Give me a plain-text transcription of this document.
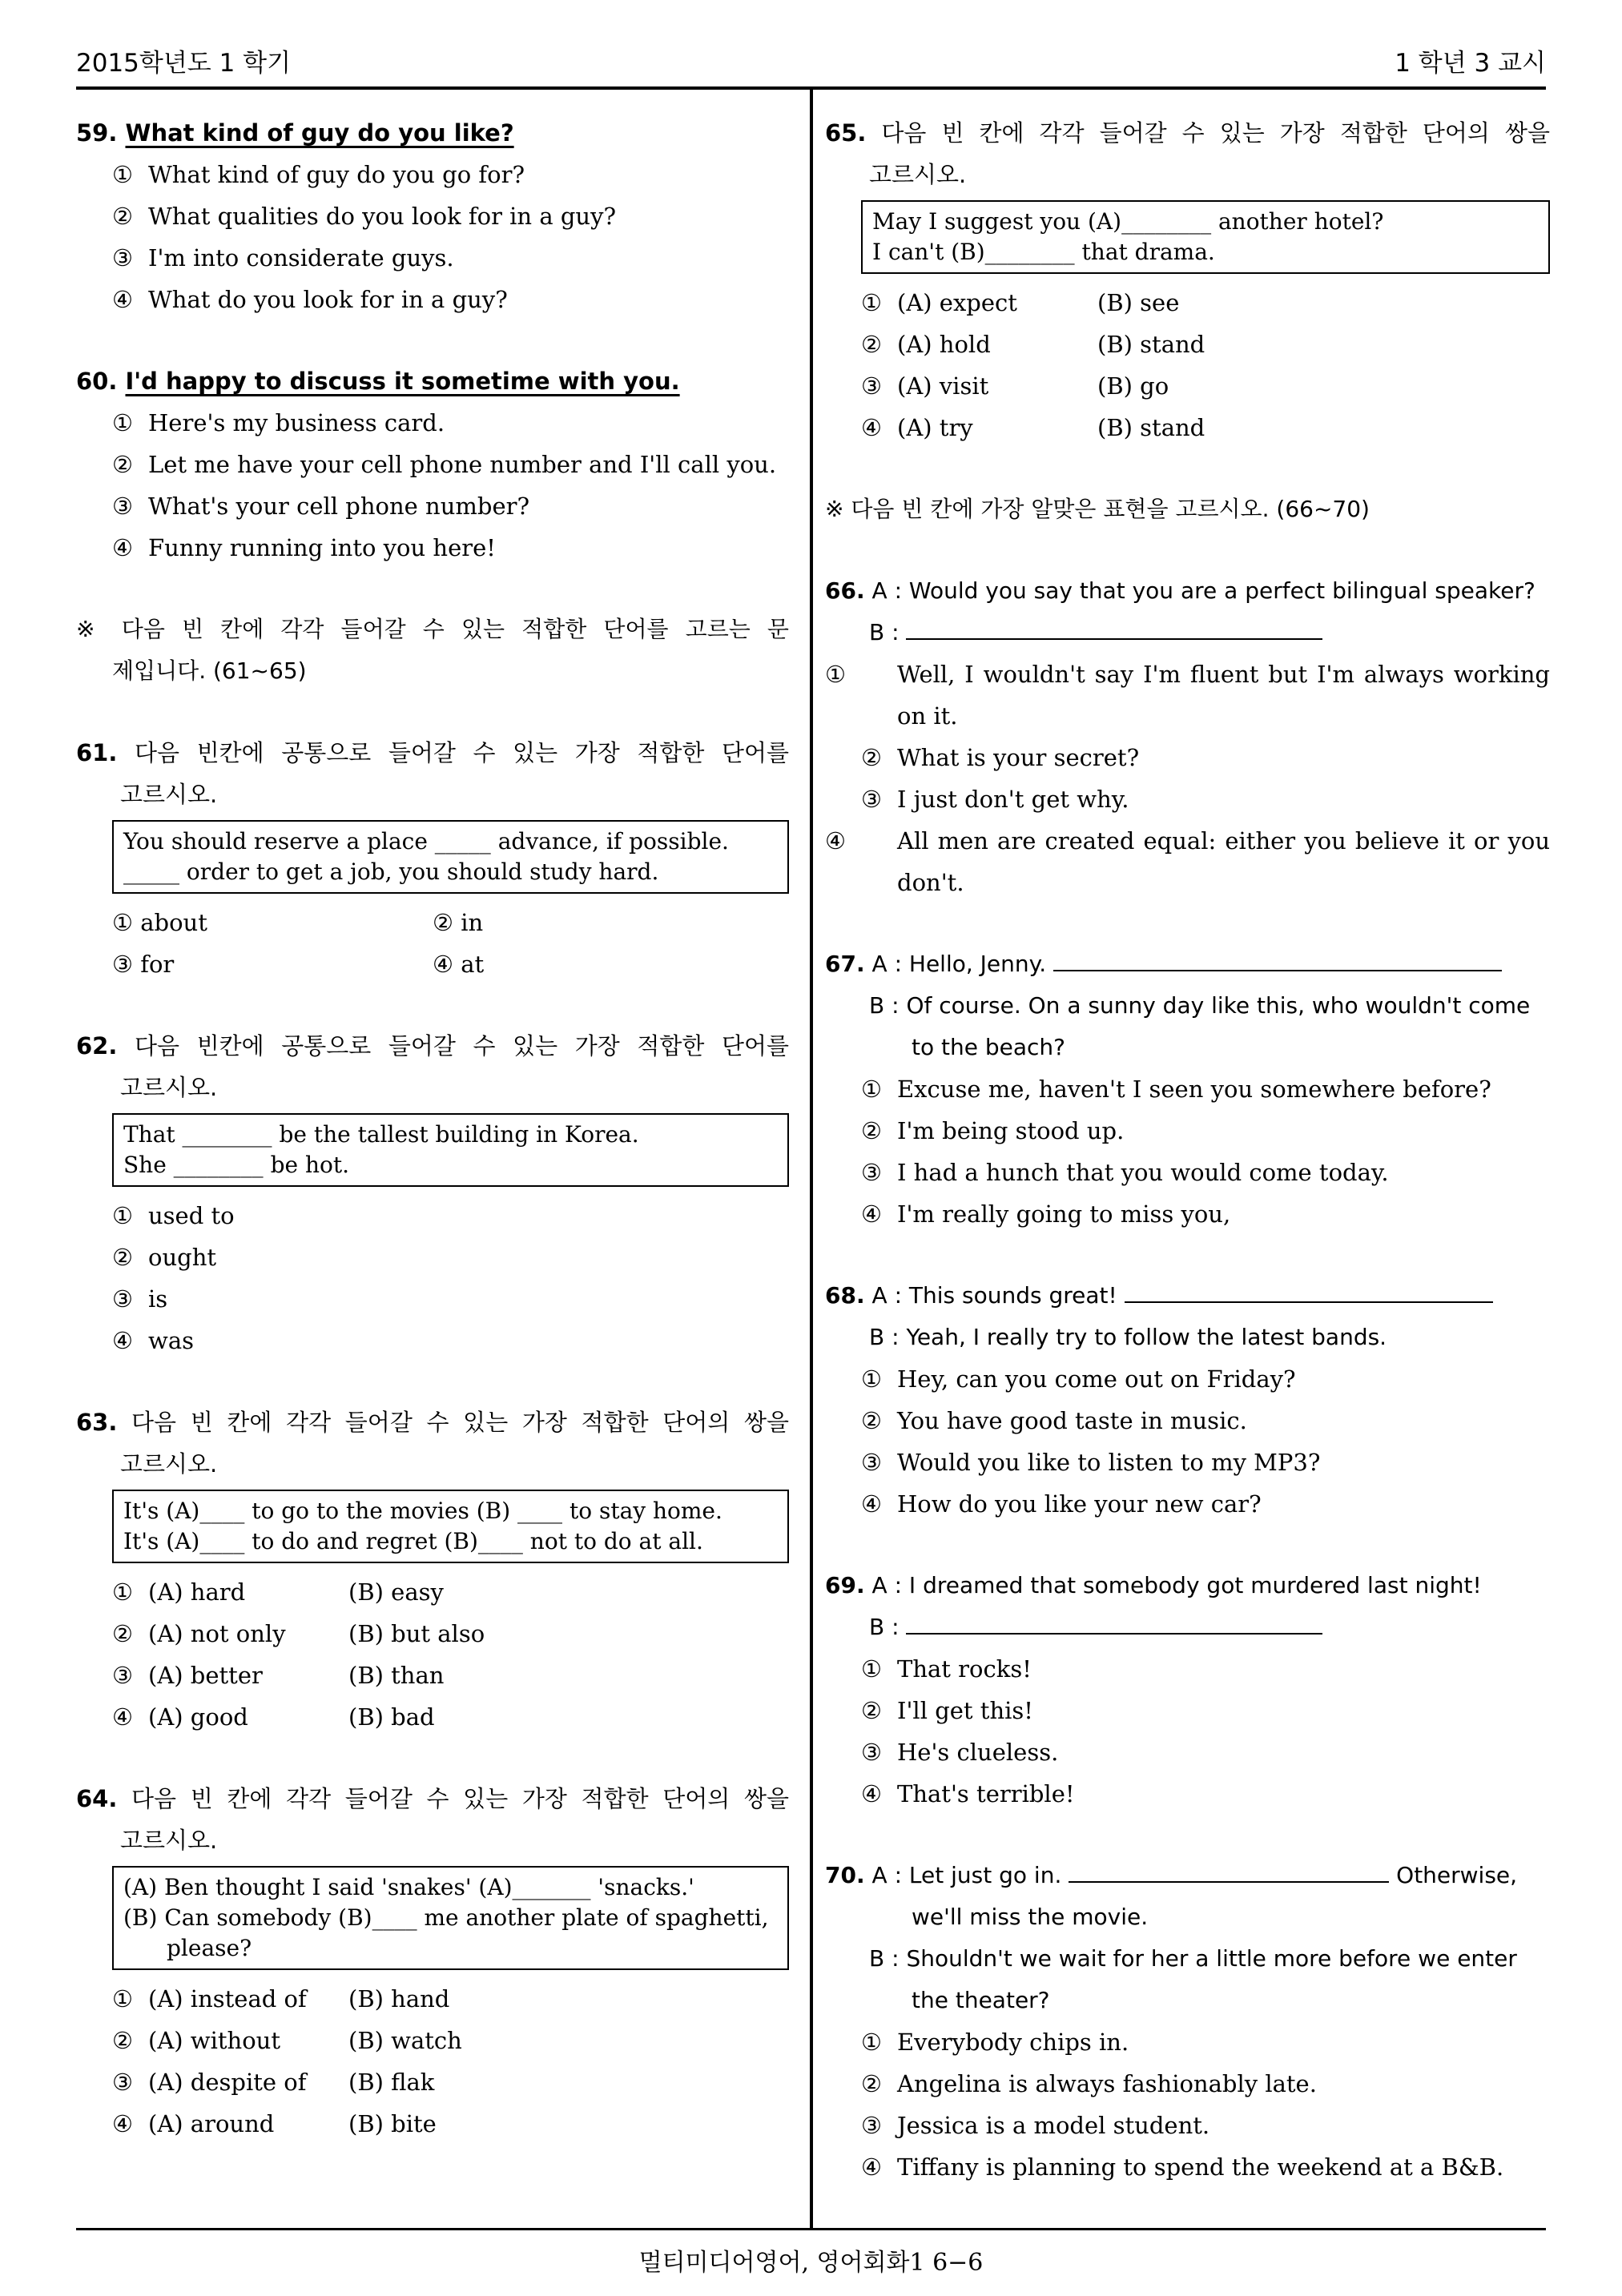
2015학년도 1 학기	1 학년 3 교시
59. What kind of guy do you like?
① What kind of guy do you go for?
② What qualities do you look for in a guy?
③ I'm into considerate guys.
④ What do you look for in a guy?
60. I'd happy to discuss it sometime with you.
① Here's my business card.
② Let me have your cell phone number and I'll call you.
③ What's your cell phone number?
④ Funny running into you here!
※ 다음 빈 칸에 각각 들어갈 수 있는 적합한 단어를 고르는 문
제입니다. (61~65)
61. 다음 빈칸에 공통으로 들어갈 수 있는 가장 적합한 단어를
고르시오.
You should reserve a place _____ advance, if possible.
_____ order to get a job, you should study hard.
① about	② in
③ for	④ at
62. 다음 빈칸에 공통으로 들어갈 수 있는 가장 적합한 단어를
고르시오.
That ________ be the tallest building in Korea.
She ________ be hot.
① used to
② ought
③ is
④ was
63. 다음 빈 칸에 각각 들어갈 수 있는 가장 적합한 단어의 쌍을
고르시오.
It's (A)____ to go to the movies (B) ____ to stay home.
It's (A)____ to do and regret (B)____ not to do at all.
① (A) hard	(B) easy
② (A) not only	(B) but also
③ (A) better	(B) than
④ (A) good	(B) bad
64. 다음 빈 칸에 각각 들어갈 수 있는 가장 적합한 단어의 쌍을
고르시오.
(A) Ben thought I said 'snakes' (A)_______ 'snacks.'
(B) Can somebody (B)____ me another plate of spaghetti,
please?
① (A) instead of (B) hand
② (A) without	(B) watch
③ (A) despite of (B) flak
④ (A) around	(B) bite
65. 다음 빈 칸에 각각 들어갈 수 있는 가장 적합한 단어의 쌍을
고르시오.
May I suggest you (A)________ another hotel?
I can't (B)________ that drama.
① (A) expect	(B) see
② (A) hold	(B) stand
③ (A) visit	(B) go
④ (A) try	(B) stand
※ 다음 빈 칸에 가장 알맞은 표현을 고르시오. (66~70)
66. A : Would you say that you are a perfect bilingual speaker?
B :
① Well, I wouldn't say I'm fluent but I'm always working on it.
② What is your secret?
③ I just don't get why.
④ All men are created equal: either you believe it or you don't.
67. A : Hello, Jenny.
B : Of course. On a sunny day like this, who wouldn't come
to the beach?
① Excuse me, haven't I seen you somewhere before?
② I'm being stood up.
③ I had a hunch that you would come today.
④ I'm really going to miss you,
68. A : This sounds great!
B : Yeah, I really try to follow the latest bands.
① Hey, can you come out on Friday?
② You have good taste in music.
③ Would you like to listen to my MP3?
④ How do you like your new car?
69. A : I dreamed that somebody got murdered last night!
B :
① That rocks!
② I'll get this!
③ He's clueless.
④ That's terrible!
70. A : Let just go in.	Otherwise,
we'll miss the movie.
B : Shouldn't we wait for her a little more before we enter
the theater?
① Everybody chips in.
② Angelina is always fashionably late.
③ Jessica is a model student.
④ Tiffany is planning to spend the weekend at a B&B.
멀티미디어영어, 영어회화1 6−6
